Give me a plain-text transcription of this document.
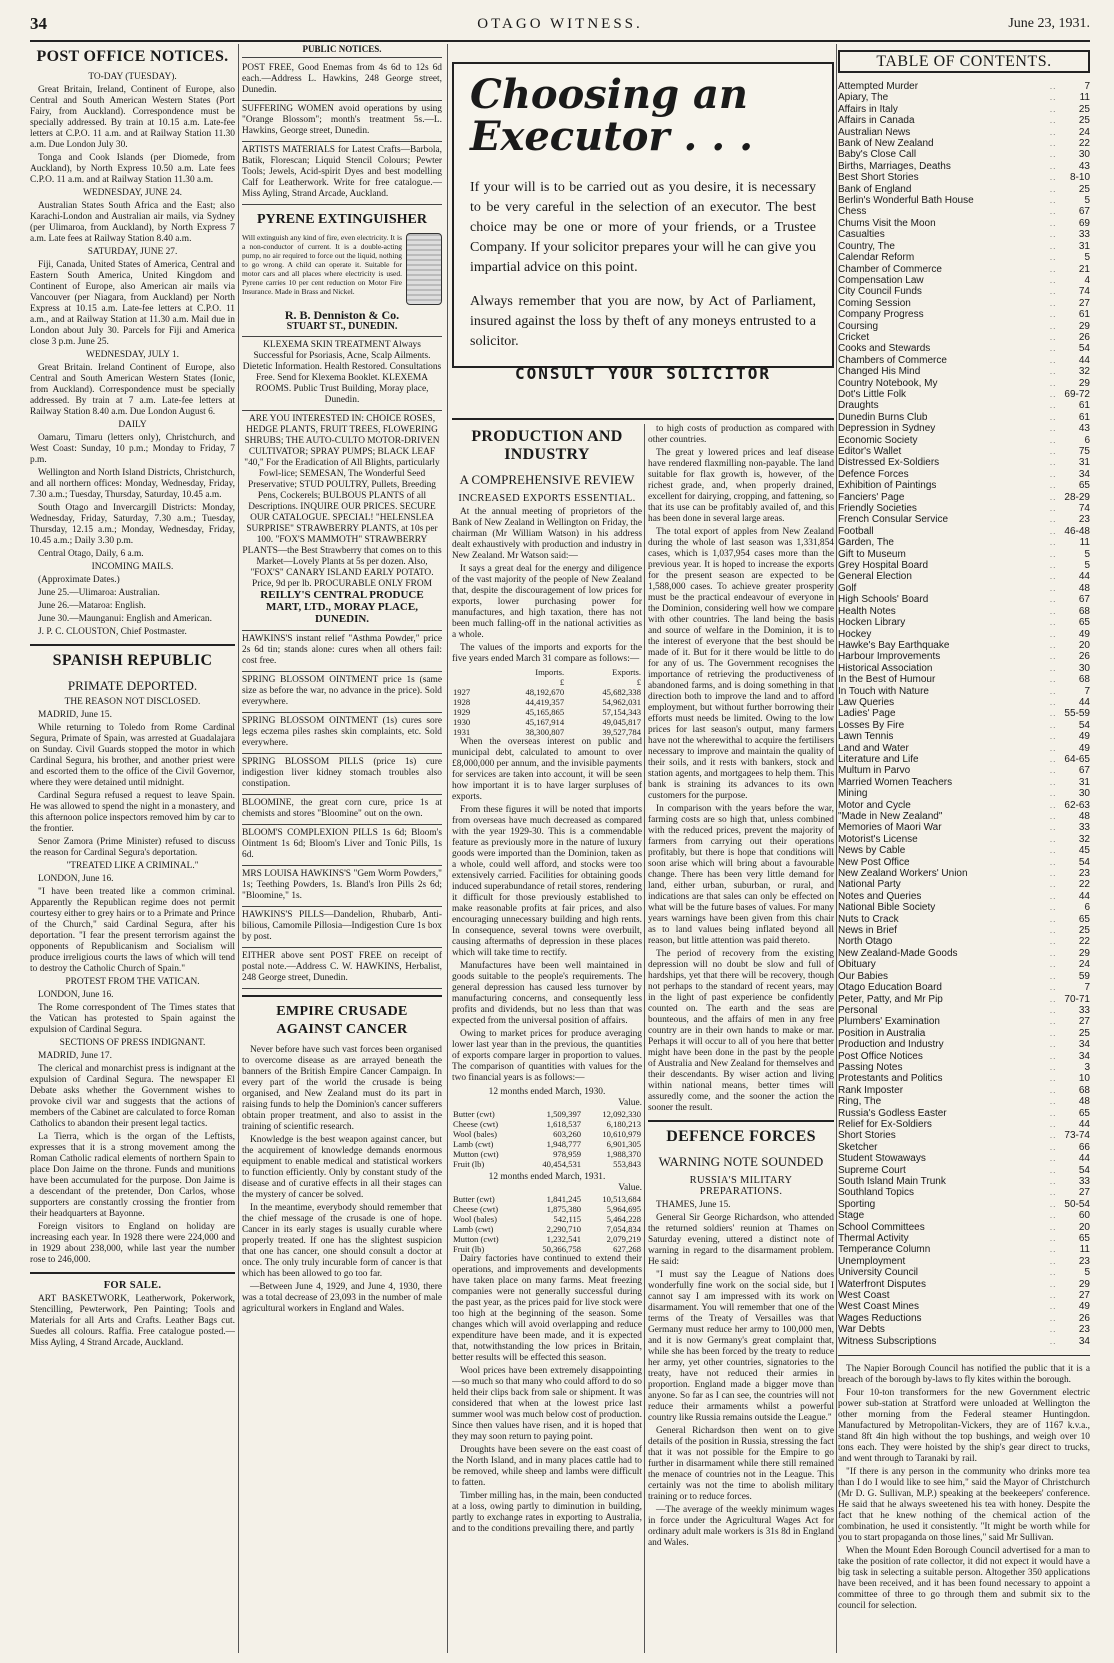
34	OTAGO WITNESS.	June 23, 1931.
POST OFFICE NOTICES.

TO-DAY (TUESDAY).

Great Britain, Ireland, Continent of Europe, also Central and South American Western States (Port Fairy, from Auckland). Correspondence must be specially addressed. By train at 10.15 a.m. Late-fee letters at C.P.O. 11 a.m. and at Railway Station 11.30 a.m. Due London July 30.

Tonga and Cook Islands (per Diomede, from Auckland), by North Express 10.50 a.m. Late fees C.P.O. 11 a.m. and at Railway Station 11.30 a.m.

WEDNESDAY, JUNE 24.

Australian States South Africa and the East; also Karachi-London and Australian air mails, via Sydney (per Ulimaroa, from Auckland), by North Express 7 a.m. Late fees at Railway Station 8.40 a.m.

SATURDAY, JUNE 27.

Fiji, Canada, United States of America, Central and Eastern South America, United Kingdom and Continent of Europe, also American air mails via Vancouver (per Niagara, from Auckland) per North Express at 10.15 a.m. Late-fee letters at C.P.O. 11 a.m., and at Railway Station at 11.30 a.m. Mail due in London about July 30. Parcels for Fiji and America close 3 p.m. June 25.

WEDNESDAY, JULY 1.

Great Britain. Ireland Continent of Europe, also Central and South American Western States (Ionic, from Auckland). Correspondence must be specially addressed. By train at 7 a.m. Late-fee letters at Railway Station 8.40 a.m. Due London August 6.

DAILY

Oamaru, Timaru (letters only), Christchurch, and West Coast: Sunday, 10 p.m.; Monday to Friday, 7 p.m.

Wellington and North Island Districts, Christchurch, and all northern offices: Monday, Wednesday, Friday, 7.30 a.m.; Tuesday, Thursday, Saturday, 10.45 a.m.

South Otago and Invercargill Districts: Monday, Wednesday, Friday, Saturday, 7.30 a.m.; Tuesday, Thursday, 12.15 a.m.; Monday, Wednesday, Friday, 10.45 a.m.; Daily 3.30 p.m.

Central Otago, Daily, 6 a.m.

INCOMING MAILS.

(Approximate Dates.)

June 25.—Ulimaroa: Australian.

June 26.—Mataroa: English.

June 30.—Maunganui: English and American.

J. P. C. CLOUSTON, Chief Postmaster.

SPANISH REPUBLIC
PRIMATE DEPORTED.

THE REASON NOT DISCLOSED.

MADRID, June 15.

While returning to Toledo from Rome Cardinal Segura, Primate of Spain, was arrested at Guadalajara on Sunday. Civil Guards stopped the motor in which Cardinal Segura, his brother, and another priest were and escorted them to the office of the Civil Governor, where they were detained until midnight.

Cardinal Segura refused a request to leave Spain. He was allowed to spend the night in a monastery, and this afternoon police inspectors removed him by car to the frontier.

Senor Zamora (Prime Minister) refused to discuss the reason for Cardinal Segura's deportation.

"TREATED LIKE A CRIMINAL."

LONDON, June 16.

"I have been treated like a common criminal. Apparently the Republican regime does not permit courtesy either to grey hairs or to a Primate and Prince of the Church," said Cardinal Segura, after his deportation. "I fear the present terrorism against the opponents of Republicanism and Socialism will produce irreligious courts the laws of which will tend to destroy the Catholic Church of Spain."

PROTEST FROM THE VATICAN.

LONDON, June 16.

The Rome correspondent of The Times states that the Vatican has protested to Spain against the expulsion of Cardinal Segura.

SECTIONS OF PRESS INDIGNANT.

MADRID, June 17.

The clerical and monarchist press is indignant at the expulsion of Cardinal Segura. The newspaper El Debate asks whether the Government wishes to provoke civil war and suggests that the actions of members of the Cabinet are calculated to force Roman Catholics to abandon their present legal tactics.

La Tierra, which is the organ of the Leftists, expresses that it is a strong movement among the Roman Catholic radical elements of northern Spain to place Don Jaime on the throne. Funds and munitions have been accumulated for the purpose. Don Jaime is a descendant of the pretender, Don Carlos, whose supporters are constantly crossing the frontier from their headquarters at Bayonne.

Foreign visitors to England on holiday are increasing each year. In 1928 there were 224,000 and in 1929 about 238,000, while last year the number rose to 246,000.

FOR SALE.

ART BASKETWORK, Leatherwork, Pokerwork, Stencilling, Pewterwork, Pen Painting; Tools and Materials for all Arts and Crafts. Leather Bags cut. Suedes all colours. Raffia. Free catalogue posted.—Miss Ayling, 4 Strand Arcade, Auckland.

PUBLIC NOTICES.
POST FREE, Good Enemas from 4s 6d to 12s 6d each.—Address L. Hawkins, 248 George street, Dunedin.
SUFFERING WOMEN avoid operations by using "Orange Blossom"; month's treatment 5s.—L. Hawkins, George street, Dunedin.
ARTISTS MATERIALS for Latest Crafts—Barbola, Batik, Florescan; Liquid Stencil Colours; Pewter Tools; Jewels, Acid-spirit Dyes and best modelling Calf for Leatherwork. Write for free catalogue.—Miss Ayling, Strand Arcade, Auckland.
PYRENE EXTINGUISHER
Will extinguish any kind of fire, even electricity. It is a non-conductor of current. It is a double-acting pump, no air required to force out the liquid, nothing to go wrong. A child can operate it. Suitable for motor cars and all places where electricity is used. Pyrene carries 10 per cent reduction on Motor Fire Insurance. Made in Brass and Nickel.
R. B. Denniston & Co.
STUART ST., DUNEDIN.
KLEXEMA SKIN TREATMENT Always Successful for Psoriasis, Acne, Scalp Ailments. Dietetic Information. Health Restored. Consultations Free. Send for Klexema Booklet. KLEXEMA ROOMS. Public Trust Building, Moray place, Dunedin.
ARE YOU INTERESTED IN: CHOICE ROSES, HEDGE PLANTS, FRUIT TREES, FLOWERING SHRUBS; THE AUTO-CULTO MOTOR-DRIVEN CULTIVATOR; SPRAY PUMPS; BLACK LEAF "40," For the Eradication of All Blights, particularly Fowl-lice; SEMESAN, The Wonderful Seed Preservative; STUD POULTRY, Pullets, Breeding Pens, Cockerels; BULBOUS PLANTS of all Descriptions. INQUIRE OUR PRICES. SECURE OUR CATALOGUE. SPECIAL! "HELENSLEA SURPRISE" STRAWBERRY PLANTS, at 10s per 100. "FOX'S MAMMOTH" STRAWBERRY PLANTS—the Best Strawberry that comes on to this Market—Lovely Plants at 5s per dozen. Also, "FOX'S" CANARY ISLAND EARLY POTATO. Price, 9d per lb. PROCURABLE ONLY FROM
REILLY'S CENTRAL PRODUCE MART, LTD., MORAY PLACE, DUNEDIN.
HAWKINS'S instant relief "Asthma Powder," price 2s 6d tin; stands alone: cures when all others fail: cost free.
SPRING BLOSSOM OINTMENT price 1s (same size as before the war, no advance in the price). Sold everywhere.
SPRING BLOSSOM OINTMENT (1s) cures sore legs eczema piles rashes skin complaints, etc. Sold everywhere.
SPRING BLOSSOM PILLS (price 1s) cure indigestion liver kidney stomach troubles also constipation.
BLOOMINE, the great corn cure, price 1s at chemists and stores "Bloomine" out on the own.
BLOOM'S COMPLEXION PILLS 1s 6d; Bloom's Ointment 1s 6d; Bloom's Liver and Tonic Pills, 1s 6d.
MRS LOUISA HAWKINS'S "Gem Worm Powders," 1s; Teething Powders, 1s. Bland's Iron Pills 2s 6d; "Bloomine," 1s.
HAWKINS'S PILLS—Dandelion, Rhubarb, Anti-bilious, Camomile Pillosia—Indigestion Cure 1s box by post.
EITHER above sent POST FREE on receipt of postal note.—Address C. W. HAWKINS, Herbalist, 248 George street, Dunedin.
EMPIRE CRUSADE AGAINST CANCER

Never before have such vast forces been organised to overcome disease as are arrayed beneath the banners of the British Empire Cancer Campaign. In every part of the world the crusade is being organised, and New Zealand must do its part in raising funds to help the Dominion's cancer sufferers obtain proper treatment, and also to assist in the training of scientific research.

Knowledge is the best weapon against cancer, but the acquirement of knowledge demands enormous equipment to enable medical and statistical workers to function efficiently. Only by constant study of the disease and of curative effects in all their stages can the mystery of cancer be solved.

In the meantime, everybody should remember that the chief message of the crusade is one of hope. Cancer in its early stages is usually curable where properly treated. If one has the slightest suspicion that one has cancer, one should consult a doctor at once. The only truly incurable form of cancer is that which has been allowed to go too far.

—Between June 4, 1929, and June 4, 1930, there was a total decrease of 23,093 in the number of male agricultural workers in England and Wales.

Choosing an
Executor . . .
If your will is to be carried out as you desire, it is necessary to be very careful in the selection of an executor. The best choice may be one or more of your friends, or a Trustee Company. If your solicitor prepares your will he can give you impartial advice on this point.
Always remember that you are now, by Act of Parliament, insured against the loss by theft of any moneys entrusted to a solicitor.
CONSULT YOUR SOLICITOR
PRODUCTION AND INDUSTRY
A COMPREHENSIVE REVIEW
INCREASED EXPORTS ESSENTIAL.

At the annual meeting of proprietors of the Bank of New Zealand in Wellington on Friday, the chairman (Mr William Watson) in his address dealt exhaustively with production and industry in New Zealand. Mr Watson said:—

It says a great deal for the energy and diligence of the vast majority of the people of New Zealand that, despite the discouragement of low prices for exports, lower purchasing power for manufactures, and high taxation, there has not been much falling-off in the national activities as a whole.

The values of the imports and exports for the five years ended March 31 compare as follows:—

	Imports.	Exports.
	£	£
1927	48,192,670	45,682,338
1928	44,419,357	54,962,031
1929	45,165,865	57,154,343
1930	45,167,914	49,045,817
1931	38,300,807	39,527,784

When the overseas interest on public and municipal debt, calculated to amount to over £8,000,000 per annum, and the invisible payments for services are taken into account, it will be seen how important it is to have larger surpluses of exports.

From these figures it will be noted that imports from overseas have much decreased as compared with the year 1929-30. This is a commendable feature as previously more in the nature of luxury goods were imported than the Dominion, taken as a whole, could well afford, and stocks were too extensively carried. Facilities for obtaining goods induced superabundance of retail stores, rendering it difficult for those previously established to make reasonable profits at fair prices, and also encouraging unnecessary building and high rents. In consequence, several towns were overbuilt, causing aftermaths of depression in these places which will take time to rectify.

Manufactures have been well maintained in goods suitable to the people's requirements. The general depression has caused less turnover by manufacturing concerns, and consequently less profits and dividends, but no less than that was expected from the universal position of affairs.

Owing to market prices for produce averaging lower last year than in the previous, the quantities of exports compare larger in proportion to values. The comparison of quantities with values for the two financial years is as follows:—

12 months ended March, 1930.
Value.
Butter (cwt)	1,509,397	12,092,330
Cheese (cwt)	1,618,537	6,180,213
Wool (bales)	603,260	10,610,979
Lamb (cwt)	1,948,777	6,901,305
Mutton (cwt)	978,959	1,988,370
Fruit (lb)	40,454,531	553,843
12 months ended March, 1931.
Value.
Butter (cwt)	1,841,245	10,513,684
Cheese (cwt)	1,875,380	5,964,695
Wool (bales)	542,115	5,464,228
Lamb (cwt)	2,290,710	7,054,834
Mutton (cwt)	1,232,541	2,079,219
Fruit (lb)	50,366,758	627,268

Dairy factories have continued to extend their operations, and improvements and developments have taken place on many farms. Meat freezing companies were not generally successful during the past year, as the prices paid for live stock were too high at the beginning of the season. Some changes which will avoid overlapping and reduce expenditure have been made, and it is expected that, notwithstanding the low prices in Britain, better results will be effected this season.

Wool prices have been extremely disappointing—so much so that many who could afford to do so held their clips back from sale or shipment. It was considered that when at the lowest price last summer wool was much below cost of production. Since then values have risen, and it is hoped that they may soon return to paying point.

Droughts have been severe on the east coast of the North Island, and in many places cattle had to be removed, while sheep and lambs were difficult to fatten.

Timber milling has, in the main, been conducted at a loss, owing partly to diminution in building, partly to exchange rates in exporting to Australia, and to the conditions prevailing there, and partly

to high costs of production as compared with other countries.

The great y lowered prices and leaf disease have rendered flaxmilling non-payable. The land suitable for flax growth is, however, of the richest grade, and, when properly drained, excellent for dairying, cropping, and fattening, so that its use can be profitably availed of, and this has been done in several large areas.

The total export of apples from New Zealand during the whole of last season was 1,331,854 cases, which is 1,037,954 cases more than the previous year. It is hoped to increase the exports for the present season are expected to be 1,588,000 cases. To achieve greater prosperity must be the practical endeavour of everyone in the Dominion, considering well how we compare with other countries. The land being the basis and source of welfare in the Dominion, it is to the interest of everyone that the best should be made of it. But for it there would be little to do for any of us. The Government recognises the importance of retrieving the productiveness of abandoned farms, and is doing something in that direction both to improve the land and to afford employment, but without further borrowing their efforts must needs be limited. Owing to the low prices for last season's output, many farmers have not the wherewithal to acquire the fertilisers necessary to improve and maintain the quality of their soils, and it rests with bankers, stock and station agents, and mortgagees to help them. This bank is straining its advances to its own customers for the purpose.

In comparison with the years before the war, farming costs are so high that, unless combined with the reduced prices, prevent the majority of farmers from carrying out their operations profitably, but there is hope that conditions will soon arise which will bring about a favourable change. There has been very little demand for land, either urban, suburban, or rural, and indications are that sales can only be effected on what will be the future bases of values. For many years warnings have been given from this chair as to land values being inflated beyond all reason, but little attention was paid thereto.

The period of recovery from the existing depression will no doubt be slow and full of hardships, yet that there will be recovery, though not perhaps to the standard of recent years, may in the light of past experience be confidently counted on. The earth and the seas are bounteous, and the affairs of men in any free country are in their own hands to make or mar. Perhaps it will occur to all of you here that better might have been done in the past by the people of Australia and New Zealand for themselves and their descendants. By wiser action and living within national means, better times will assuredly come, and the sooner the action the sooner the result.

DEFENCE FORCES
WARNING NOTE SOUNDED
RUSSIA'S MILITARY PREPARATIONS.

THAMES, June 15.

General Sir George Richardson, who attended the returned soldiers' reunion at Thames on Saturday evening, uttered a distinct note of warning in regard to the disarmament problem. He said:

"I must say the League of Nations does wonderfully fine work on the social side, but I cannot say I am impressed with its work on disarmament. You will remember that one of the terms of the Treaty of Versailles was that Germany must reduce her army to 100,000 men, and it is now Germany's great complaint that, while she has been forced by the treaty to reduce her army, yet other countries, signatories to the treaty, have not reduced their armies in proportion. England made a bigger move than anyone. So far as I can see, the countries will not reduce their armaments whilst a powerful country like Russia remains outside the League."

General Richardson then went on to give details of the position in Russia, stressing the fact that it was not possible for the Empire to go further in disarmament while there still remained the menace of countries not in the League. This certainly was not the time to abolish military training or to reduce forces.

—The average of the weekly minimum wages in force under the Agricultural Wages Act for ordinary adult male workers is 31s 8d in England and Wales.

TABLE OF CONTENTS.
Attempted Murder	..	7
Apiary, The	..	11
Affairs in Italy	..	25
Affairs in Canada	..	25
Australian News	..	24
Bank of New Zealand	..	22
Baby's Close Call	..	30
Births, Marriages, Deaths	..	43
Best Short Stories	..	8-10
Bank of England	..	25
Berlin's Wonderful Bath House	..	5
Chess	..	67
Chums Visit the Moon	..	69
Casualties	..	33
Country, The	..	31
Calendar Reform	..	5
Chamber of Commerce	..	21
Compensation Law	..	4
City Council Funds	..	74
Coming Session	..	27
Company Progress	..	61
Coursing	..	29
Cricket	..	26
Cooks and Stewards	..	54
Chambers of Commerce	..	44
Changed His Mind	..	32
Country Notebook, My	..	29
Dot's Little Folk	..	69-72
Draughts	..	61
Dunedin Burns Club	..	61
Depression in Sydney	..	43
Economic Society	..	6
Editor's Wallet	..	75
Distressed Ex-Soldiers	..	31
Defence Forces	..	34
Exhibition of Paintings	..	65
Fanciers' Page	..	28-29
Friendly Societies	..	74
French Consular Service	..	23
Football	..	46-48
Garden, The	..	11
Gift to Museum	..	5
Grey Hospital Board	..	5
General Election	..	44
Golf	..	48
High Schools' Board	..	67
Health Notes	..	68
Hocken Library	..	65
Hockey	..	49
Hawke's Bay Earthquake	..	20
Harbour Improvements	..	26
Historical Association	..	30
In the Best of Humour	..	68
In Touch with Nature	..	7
Law Queries	..	44
Ladies' Page	..	55-59
Losses By Fire	..	54
Lawn Tennis	..	49
Land and Water	..	49
Literature and Life	..	64-65
Multum in Parvo	..	67
Married Women Teachers	..	31
Mining	..	30
Motor and Cycle	..	62-63
"Made in New Zealand"	..	48
Memories of Maori War	..	33
Motorist's License	..	32
News by Cable	..	45
New Post Office	..	54
New Zealand Workers' Union	..	23
National Party	..	22
Notes and Queries	..	44
National Bible Society	..	6
Nuts to Crack	..	65
News in Brief	..	25
North Otago	..	22
New Zealand-Made Goods	..	29
Obituary	..	24
Our Babies	..	59
Otago Education Board	..	7
Peter, Patty, and Mr Pip	..	70-71
Personal	..	33
Plumbers' Examination	..	27
Position in Australia	..	25
Production and Industry	..	34
Post Office Notices	..	34
Passing Notes	..	3
Protestants and Politics	..	10
Rank Imposter	..	68
Ring, The	..	48
Russia's Godless Easter	..	65
Relief for Ex-Soldiers	..	44
Short Stories	..	73-74
Sketcher	..	66
Student Stowaways	..	44
Supreme Court	..	54
South Island Main Trunk	..	33
Southland Topics	..	27
Sporting	..	50-54
Stage	..	60
School Committees	..	20
Thermal Activity	..	65
Temperance Column	..	11
Unemployment	..	23
University Council	..	5
Waterfront Disputes	..	29
West Coast	..	27
West Coast Mines	..	49
Wages Reductions	..	26
War Debts	..	23
Witness Subscriptions	..	34

The Napier Borough Council has notified the public that it is a breach of the borough by-laws to fly kites within the borough.

Four 10-ton transformers for the new Government electric power sub-station at Stratford were unloaded at Wellington the other morning from the Federal steamer Huntingdon. Manufactured by Metropolitan-Vickers, they are of 1167 k.v.a., stand 8ft 4in high without the top bushings, and weigh over 10 tons each. They were hoisted by the ship's gear direct to trucks, and went through to Taranaki by rail.

"If there is any person in the community who drinks more tea than I do I would like to see him," said the Mayor of Christchurch (Mr D. G. Sullivan, M.P.) speaking at the beekeepers' conference. He said that he always sweetened his tea with honey. Despite the fact that he knew nothing of the chemical action of the combination, he used it consistently. "It might be worth while for you to start propaganda on those lines," said Mr Sullivan.

When the Mount Eden Borough Council advertised for a man to take the position of rate collector, it did not expect it would have a big task in selecting a suitable person. Altogether 350 applications have been received, and it has been found necessary to appoint a committee of three to go through them and submit six to the council for selection.
